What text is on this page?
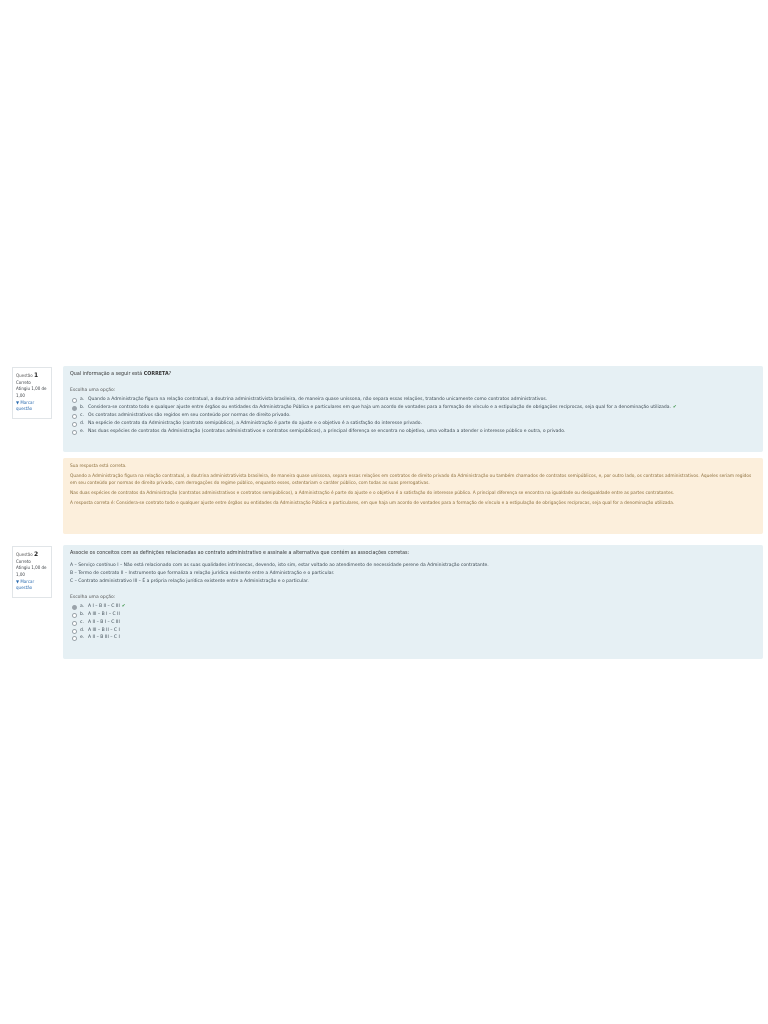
Questão 1
Correto
Atingiu 1,00 de 1,00
▼ Marcar questão
Qual informação a seguir está CORRETA?
Escolha uma opção:
a. Quando a Administração figura na relação contratual, a doutrina administrativista brasileira, de maneira quase uníssona, não separa essas relações, tratando unicamente como contratos administrativos.
b. Considera-se contrato todo e qualquer ajuste entre órgãos ou entidades da Administração Pública e particulares em que haja um acordo de vontades para a formação de vínculo e a estipulação de obrigações recíprocas, seja qual for a denominação utilizada. ✔
c. Os contratos administrativos são regidos em seu conteúdo por normas de direito privado.
d. Na espécie de contrato da Administração (contrato semipúblico), a Administração é parte do ajuste e o objetivo é a satisfação do interesse privado.
e. Nas duas espécies de contratos da Administração (contratos administrativos e contratos semipúblicos), a principal diferença se encontra no objetivo, uma voltada a atender o interesse público e outra, o privado.

Sua resposta está correta.

Quando a Administração figura na relação contratual, a doutrina administrativista brasileira, de maneira quase uníssona, separa essas relações em contratos de direito privado da Administração ou também chamados de contratos semipúblicos, e, por outro lado, os contratos administrativos. Aqueles seriam regidos em seu conteúdo por normas de direito privado, com derrogações do regime público, enquanto esses, ostentariam o caráter público, com todas as suas prerrogativas.

Nas duas espécies de contratos da Administração (contratos administrativos e contratos semipúblicos), a Administração é parte do ajuste e o objetivo é a satisfação do interesse público. A principal diferença se encontra na igualdade ou desigualdade entre as partes contratantes.

A resposta correta é: Considera-se contrato todo e qualquer ajuste entre órgãos ou entidades da Administração Pública e particulares, em que haja um acordo de vontades para a formação de vínculo e a estipulação de obrigações recíprocas, seja qual for a denominação utilizada.

Questão 2
Correto
Atingiu 1,00 de 1,00
▼ Marcar questão
Associe os conceitos com as definições relacionadas ao contrato administrativo e assinale a alternativa que contém as associações corretas:
A – Serviço contínuo I – Não está relacionado com as suas qualidades intrínsecas, devendo, isto sim, estar voltado ao atendimento de necessidade perene da Administração contratante.
B – Termo de contrato II – Instrumento que formaliza a relação jurídica existente entre a Administração e o particular.
C – Contrato administrativo III – É a própria relação jurídica existente entre a Administração e o particular.
Escolha uma opção:
a. A I – B II – C III ✔
b. A III – B I – C II
c. A II – B I – C III
d. A III – B II – C I
e. A II – B III – C I
